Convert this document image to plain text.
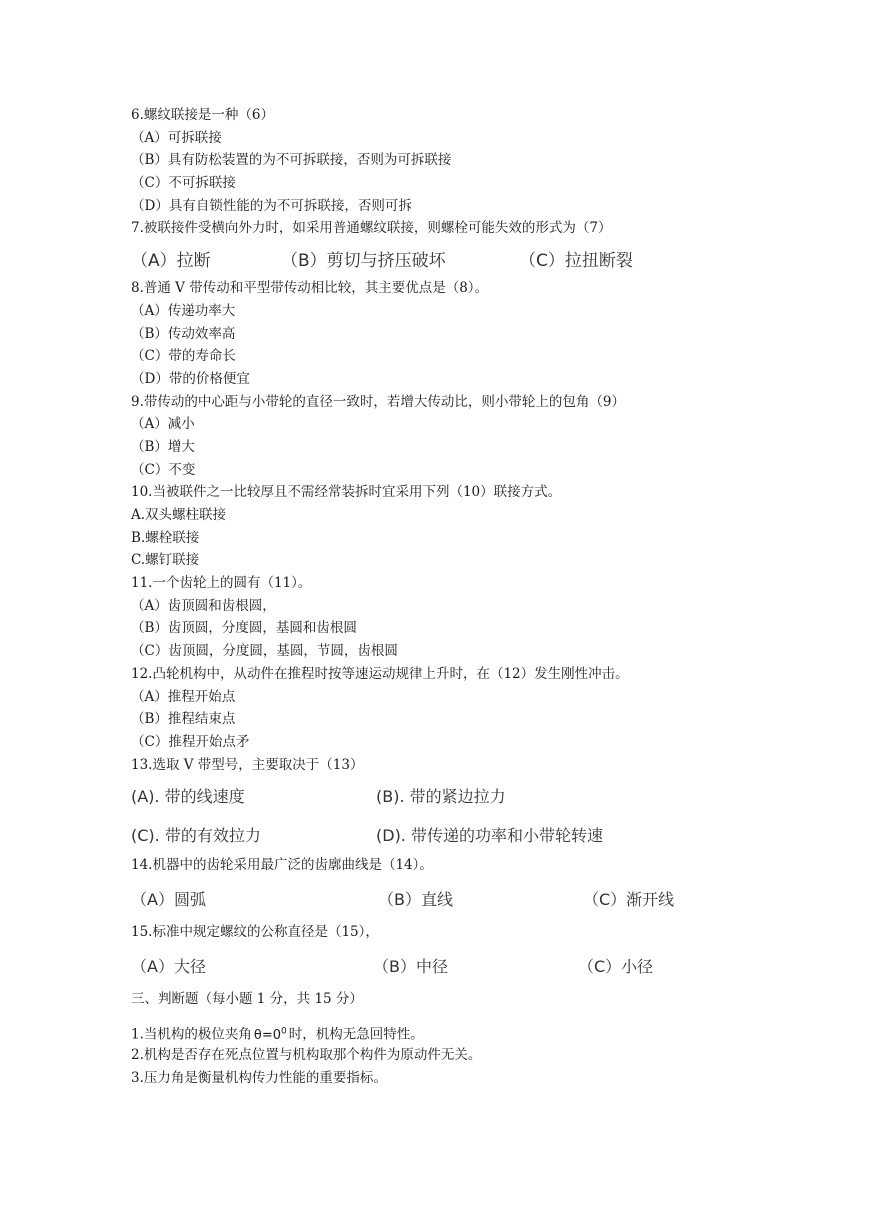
6.螺纹联接是一种（6）
（A）可拆联接
（B）具有防松装置的为不可拆联接，否则为可拆联接
（C）不可拆联接
（D）具有自锁性能的为不可拆联接，否则可拆
7.被联接件受横向外力时，如采用普通螺纹联接，则螺栓可能失效的形式为（7）
（A）拉断	（B）剪切与挤压破坏	（C）拉扭断裂
8.普通 V 带传动和平型带传动相比较，其主要优点是（8）。
（A）传递功率大
（B）传动效率高
（C）带的寿命长
（D）带的价格便宜
9.带传动的中心距与小带轮的直径一致时，若增大传动比，则小带轮上的包角（9）
（A）减小
（B）增大
（C）不变
10.当被联件之一比较厚且不需经常装拆时宜采用下列（10）联接方式。
A.双头螺柱联接
B.螺栓联接
C.螺钉联接
11.一个齿轮上的圆有（11）。
（A）齿顶圆和齿根圆，
（B）齿顶圆，分度圆，基圆和齿根圆
（C）齿顶圆，分度圆，基圆，节圆，齿根圆
12.凸轮机构中，从动件在推程时按等速运动规律上升时，在（12）发生刚性冲击。
（A）推程开始点
（B）推程结束点
（C）推程开始点矛
13.选取 V 带型号，主要取决于（13）
(A). 带的线速度	(B). 带的紧边拉力
(C). 带的有效拉力	(D). 带传递的功率和小带轮转速
14.机器中的齿轮采用最广泛的齿廓曲线是（14）。
（A）圆弧	（B）直线	（C）渐开线
15.标准中规定螺纹的公称直径是（15），
（A）大径	（B）中径	（C）小径
三、判断题（每小题 1 分，共 15 分）
1.当机构的极位夹角 $\theta=0^0$ 时，机构无急回特性。
2.机构是否存在死点位置与机构取那个构件为原动件无关。
3.压力角是衡量机构传力性能的重要指标。
